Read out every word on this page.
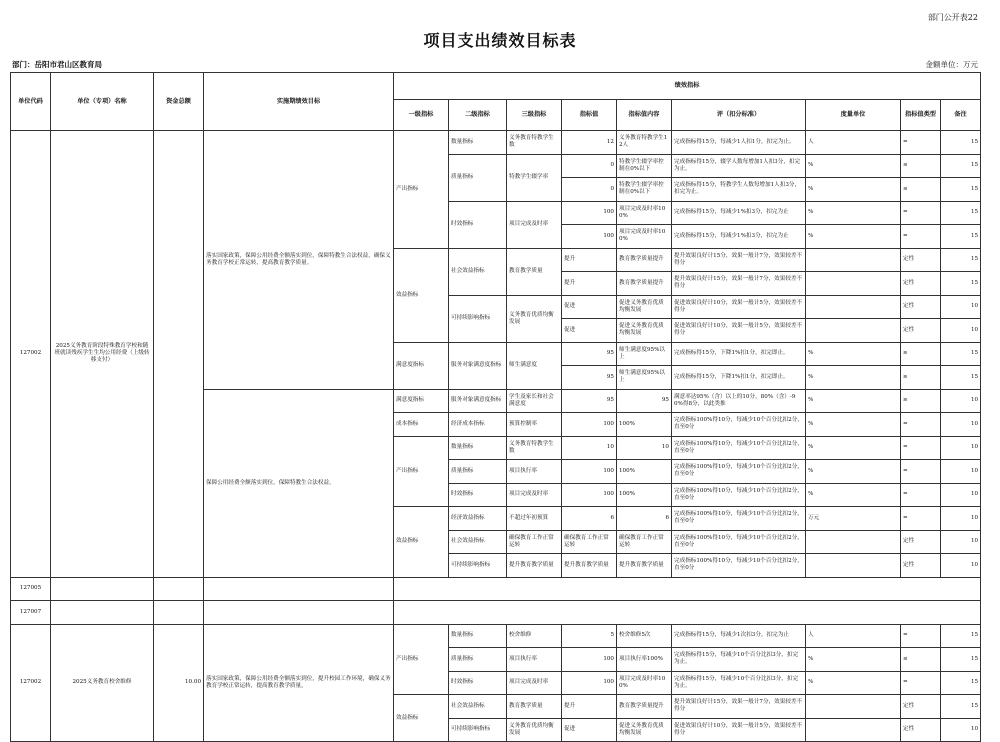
部门公开表22
项目支出绩效目标表
部门：岳阳市君山区教育局	金额单位：万元
单位代码	单位（专项）名称	资金总额	实施期绩效目标	绩效指标								
				一级指标	二级指标	三级指标	指标值	指标值内容	评（扣分标准）	度量单位	指标值类型	备注
127002	2025义务教育阶段特殊教育学校和随班就读残疾学生生均公用经费（上级转移支付）		落实国家政策，保障公用经费全额落实到位，保障特教生合法权益，确保义务教育学校正常运转，提高教育教学质量。	产出指标	数量指标	义务教育特教学生数	12	义务教育特教学生12人	完成指标得15分，每减少1人扣1分，扣完为止。	人	=	15
					质量指标	特教学生辍学率	0	特教学生辍学率控制在0%以下	完成指标得15分，辍学人数每增加1人扣3分，扣完为止。	%	≤	15
							0	特教学生辍学率控制在0%以下	完成指标得15分，特教学生人数每增加1人扣3分，扣完为止。	%	≤	15
					时效指标	项目完成及时率	100	项目完成及时率100%	完成指标得15分，每减少1%扣3分，扣完为止	%	=	15
							100	项目完成及时率100%	完成指标得15分，每减少1%扣3分，扣完为止	%	=	15
				效益指标	社会效益指标	教育教学质量	提升	教育教学质量提升	提升效果良好计15分，效果一般计7分，效果较差不得分		定性	15
							提升	教育教学质量提升	提升效果良好计15分，效果一般计7分，效果较差不得分		定性	15
					可持续影响指标	义务教育优质均衡发展	促进	促进义务教育优质均衡发展	促进效果良好计10分，效果一般计5分，效果较差不得分		定性	10
							促进	促进义务教育优质均衡发展	促进效果良好计10分，效果一般计5分，效果较差不得分		定性	10
				满意度指标	服务对象满意度指标	师生满意度	95	师生满意度95%以上	完成指标得15分，下降1%扣1分，扣完即止。	%	≥	15
							95	师生满意度95%以上	完成指标得15分，下降1%扣1分，扣完即止。	%	≥	15
			保障公用经费全额落实到位，保障特教生合法权益。	满意度指标	服务对象满意度指标	学生及家长和社会满意度	95	95	满意率达95%（含）以上的10分，80%（含）-90%得8分，以此类推	%	≥	10
				成本指标	经济成本指标	预算控制率	100	100%	完成指标100%得10分，每减少10个百分比扣2分，直至0分	%	=	10
				产出指标	数量指标	义务教育特教学生数	10	10	完成指标100%得10分，每减少10个百分比扣2分，直至0分	%	=	10
					质量指标	项目执行率	100	100%	完成指标100%得10分，每减少10个百分比扣2分，直至0分	%	=	10
					时效指标	项目完成及时率	100	100%	完成指标100%得10分，每减少10个百分比扣2分，直至0分	%	=	10
				效益指标	经济效益指标	不超过年初预算	6	6	完成指标100%得10分，每减少10个百分比扣2分，直至0分	万元	=	10
					社会效益指标	确保教育工作正常运转	确保教育工作正常运转	确保教育工作正常运转	完成指标100%得10分，每减少10个百分比扣2分，直至0分		定性	10
					可持续影响指标	提升教育教学质量	提升教育教学质量	提升教育教学质量	完成指标100%得10分，每减少10个百分比扣2分，直至0分		定性	10
127005												
127007												
127002	2025义务教育校舍维修	10.00	落实国家政策，保障公用经费全额落实到位，提升校园工作环境，确保义务教育学校正常运转，提高教育教学质量。	产出指标	数量指标	校舍维修	5	校舍维修5次	完成指标得15分，每减少1次扣3分，扣完为止	人	=	15
					质量指标	项目执行率	100	项目执行率100%	完成指标得15分，每减少10个百分比扣3分，扣完为止。	%	≤	15
					时效指标	项目完成及时率	100	项目完成及时率100%	完成指标得15分，每减少10个百分比扣3分，扣完为止。	%	=	15
				效益指标	社会效益指标	教育教学质量	提升	教育教学质量提升	提升效果良好计15分，效果一般计7分，效果较差不得分		定性	15
					可持续影响指标	义务教育优质均衡发展	促进	促进义务教育优质均衡发展	促进效果良好计10分，效果一般计5分，效果较差不得分		定性	10
